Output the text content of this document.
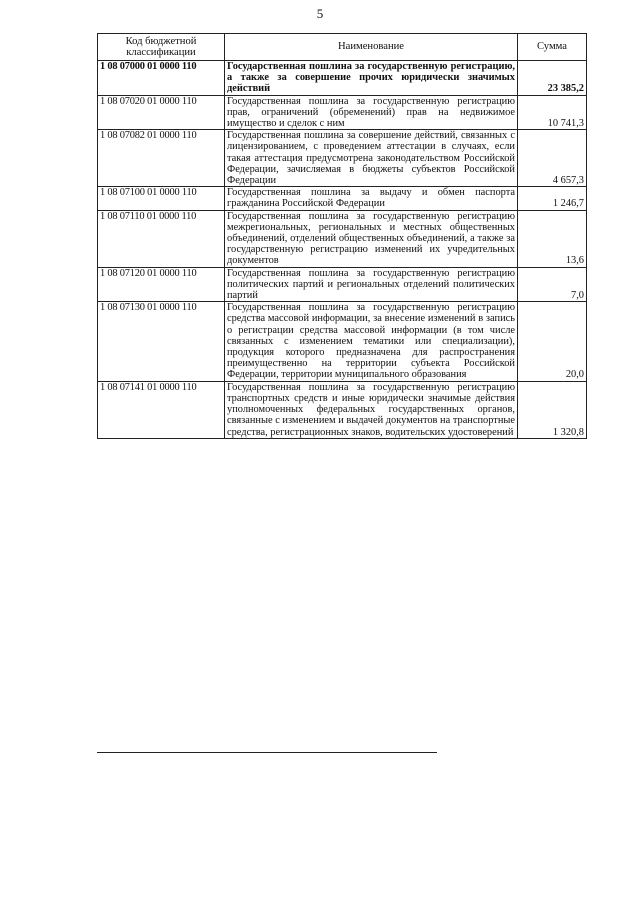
5
Код бюджетной классификации	Наименование	Сумма
1 08 07000 01 0000 110	Государственная пошлина за государственную регистрацию, а также за совершение прочих юридически значимых действий	23 385,2
1 08 07020 01 0000 110	Государственная пошлина за государственную регистрацию прав, ограничений (обременений) прав на недвижимое имущество и сделок с ним	10 741,3
1 08 07082 01 0000 110	Государственная пошлина за совершение действий, связанных с лицензированием, с проведением аттестации в случаях, если такая аттестация предусмотрена законодательством Российской Федерации, зачисляемая в бюджеты субъектов Российской Федерации	4 657,3
1 08 07100 01 0000 110	Государственная пошлина за выдачу и обмен паспорта гражданина Российской Федерации	1 246,7
1 08 07110 01 0000 110	Государственная пошлина за государственную регистрацию межрегиональных, региональных и местных общественных объединений, отделений общественных объединений, а также за государственную регистрацию изменений их учредительных документов	13,6
1 08 07120 01 0000 110	Государственная пошлина за государственную регистрацию политических партий и региональных отделений политических партий	7,0
1 08 07130 01 0000 110	Государственная пошлина за государственную регистрацию средства массовой информации, за внесение изменений в запись о регистрации средства массовой информации (в том числе связанных с изменением тематики или специализации), продукция которого предназначена для распространения преимущественно на территории субъекта Российской Федерации, территории муниципального образования	20,0
1 08 07141 01 0000 110	Государственная пошлина за государственную регистрацию транспортных средств и иные юридически значимые действия уполномоченных федеральных государственных органов, связанные с изменением и выдачей документов на транспортные средства, регистрационных знаков, водительских удостоверений	1 320,8
